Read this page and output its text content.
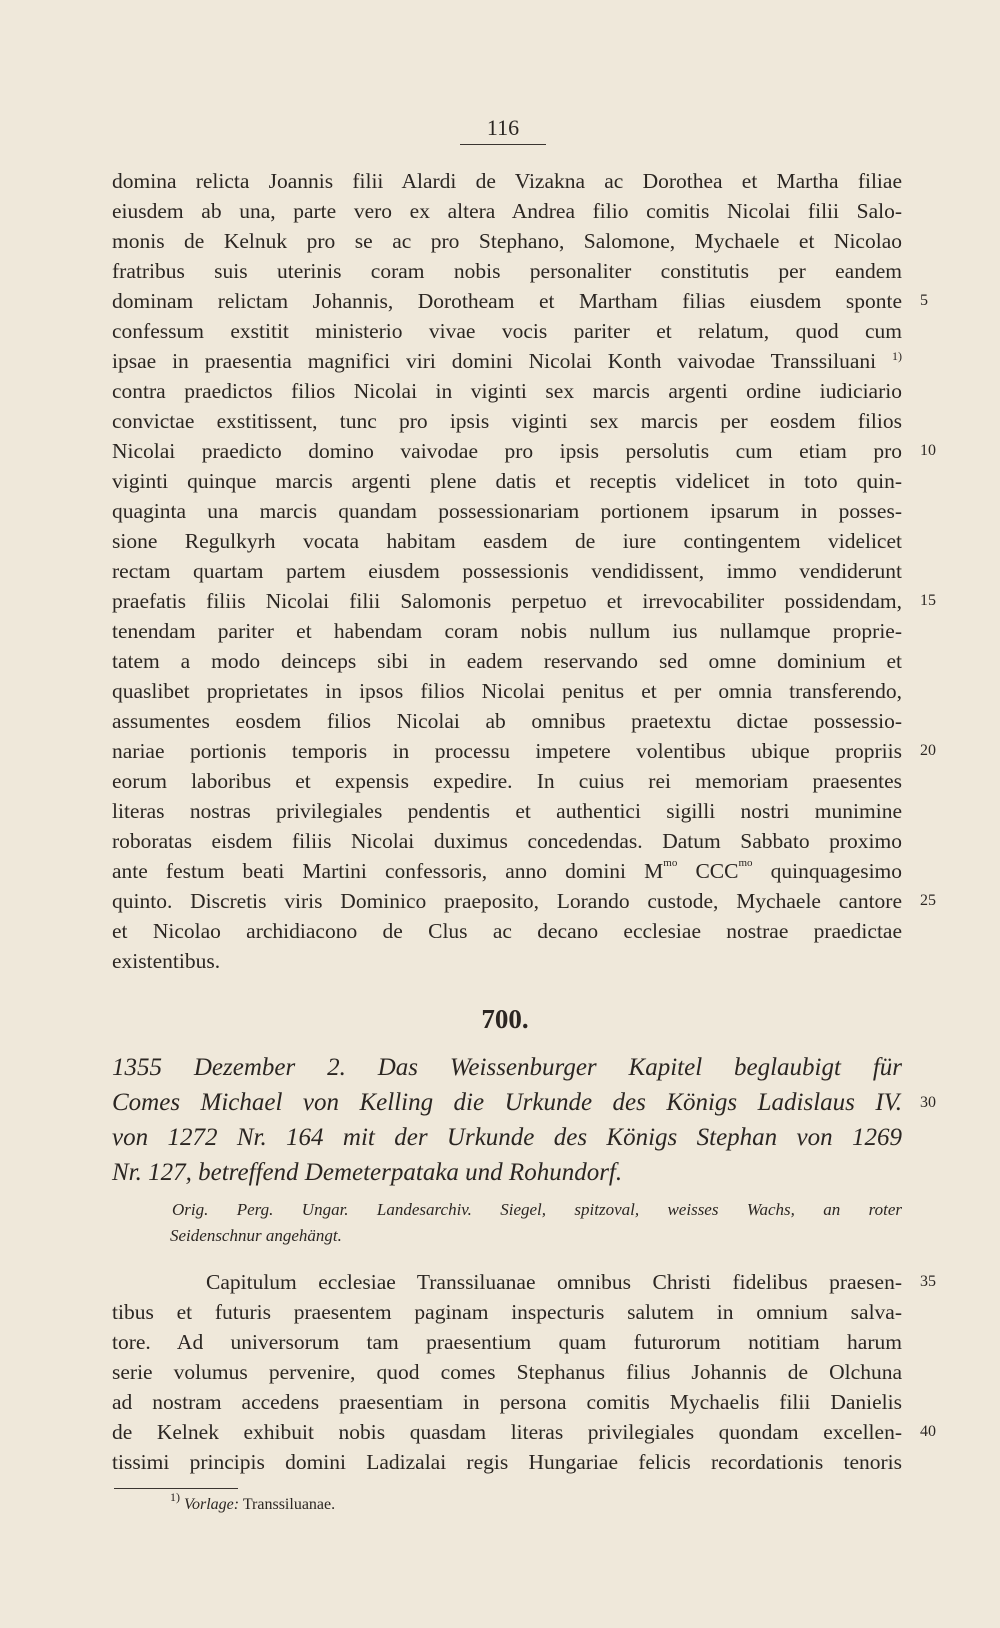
116
domina relicta Joannis filii Alardi de Vizakna ac Dorothea et Martha filiae
eiusdem ab una, parte vero ex altera Andrea filio comitis Nicolai filii Salo-
monis de Kelnuk pro se ac pro Stephano, Salomone, Mychaele et Nicolao
fratribus suis uterinis coram nobis personaliter constitutis per eandem
dominam relictam Johannis, Dorotheam et Martham filias eiusdem sponte
confessum exstitit ministerio vivae vocis pariter et relatum, quod cum
ipsae in praesentia magnifici viri domini Nicolai Konth vaivodae Transsiluani $^{1)}$
contra praedictos filios Nicolai in viginti sex marcis argenti ordine iudiciario
convictae exstitissent, tunc pro ipsis viginti sex marcis per eosdem filios
Nicolai praedicto domino vaivodae pro ipsis persolutis cum etiam pro
viginti quinque marcis argenti plene datis et receptis videlicet in toto quin-
quaginta una marcis quandam possessionariam portionem ipsarum in posses-
sione Regulkyrh vocata habitam easdem de iure contingentem videlicet
rectam quartam partem eiusdem possessionis vendidissent, immo vendiderunt
praefatis filiis Nicolai filii Salomonis perpetuo et irrevocabiliter possidendam,
tenendam pariter et habendam coram nobis nullum ius nullamque proprie-
tatem a modo deinceps sibi in eadem reservando sed omne dominium et
quaslibet proprietates in ipsos filios Nicolai penitus et per omnia transferendo,
assumentes eosdem filios Nicolai ab omnibus praetextu dictae possessio-
nariae portionis temporis in processu impetere volentibus ubique propriis
eorum laboribus et expensis expedire. In cuius rei memoriam praesentes
literas nostras privilegiales pendentis et authentici sigilli nostri munimine
roboratas eisdem filiis Nicolai duximus concedendas. Datum Sabbato proximo
ante festum beati Martini confessoris, anno domini $M^{mo}$ $CCC^{mo}$ quinquagesimo
quinto. Discretis viris Dominico praeposito, Lorando custode, Mychaele cantore
et Nicolao archidiacono de Clus ac decano ecclesiae nostrae praedictae
existentibus.
700.
1355 Dezember 2. Das Weissenburger Kapitel beglaubigt für
Comes Michael von Kelling die Urkunde des Königs Ladislaus IV.
von 1272 Nr. 164 mit der Urkunde des Königs Stephan von 1269
Nr. 127, betreffend Demeterpataka und Rohundorf.
Orig. Perg. Ungar. Landesarchiv. Siegel, spitzoval, weisses Wachs, an roter
Seidenschnur angehängt.
Capitulum ecclesiae Transsiluanae omnibus Christi fidelibus praesen-
tibus et futuris praesentem paginam inspecturis salutem in omnium salva-
tore. Ad universorum tam praesentium quam futurorum notitiam harum
serie volumus pervenire, quod comes Stephanus filius Johannis de Olchuna
ad nostram accedens praesentiam in persona comitis Mychaelis filii Danielis
de Kelnek exhibuit nobis quasdam literas privilegiales quondam excellen-
tissimi principis domini Ladizalai regis Hungariae felicis recordationis tenoris
5
10
15
20
25
30
35
40
$^{1)}$ Vorlage: Transsiluanae.
